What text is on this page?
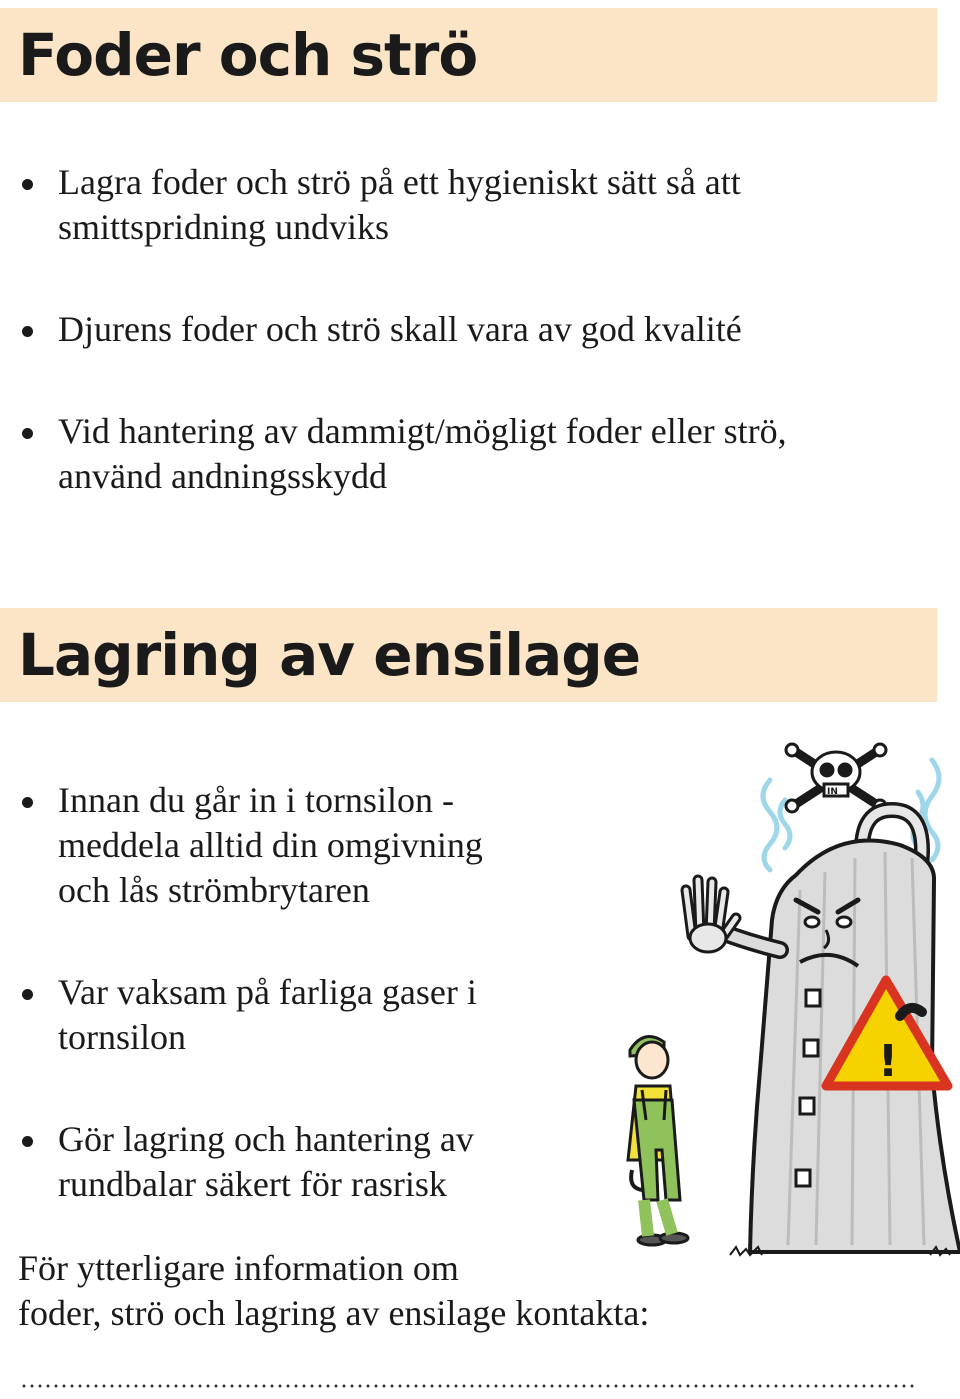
Foder och strö
Lagra foder och strö på ett hygieniskt sätt så att
smittspridning undviks
Djurens foder och strö skall vara av god kvalité
Vid hantering av dammigt/mögligt foder eller strö,
använd andningsskydd
Lagring av ensilage
Innan du går in i tornsilon -
meddela alltid din omgivning
och lås strömbrytaren
Var vaksam på farliga gaser i
tornsilon
Gör lagring och hantering av
rundbalar säkert för rasrisk
IN
!

För ytterligare information om
foder, strö och lagring av ensilage kontakta:
